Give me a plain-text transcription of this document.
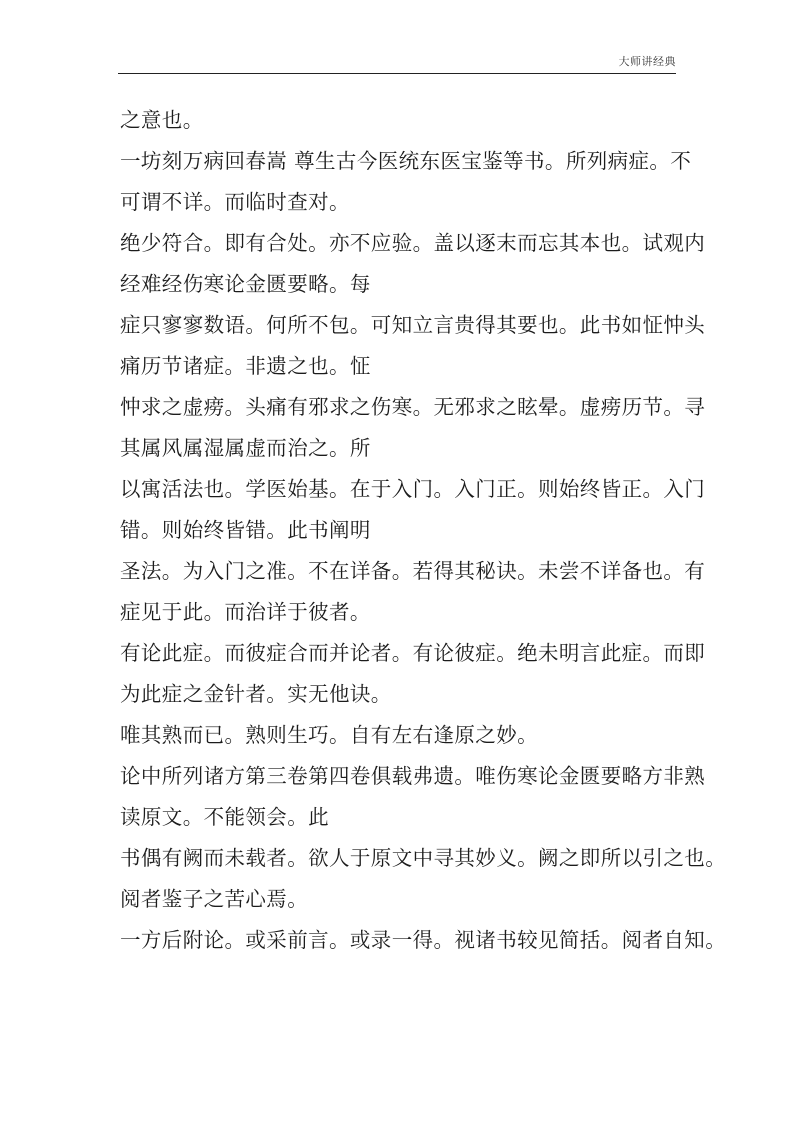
大师讲经典
之意也。
一坊刻万病回春嵩 尊生古今医统东医宝鉴等书。所列病症。不
可谓不详。而临时查对。
绝少符合。即有合处。亦不应验。盖以逐末而忘其本也。试观内
经难经伤寒论金匮要略。每
症只寥寥数语。何所不包。可知立言贵得其要也。此书如怔忡头
痛历节诸症。非遗之也。怔
忡求之虚痨。头痛有邪求之伤寒。无邪求之眩晕。虚痨历节。寻
其属风属湿属虚而治之。所
以寓活法也。学医始基。在于入门。入门正。则始终皆正。入门
错。则始终皆错。此书阐明
圣法。为入门之准。不在详备。若得其秘诀。未尝不详备也。有
症见于此。而治详于彼者。
有论此症。而彼症合而并论者。有论彼症。绝未明言此症。而即
为此症之金针者。实无他诀。
唯其熟而已。熟则生巧。自有左右逢原之妙。
论中所列诸方第三卷第四卷俱载弗遗。唯伤寒论金匮要略方非熟
读原文。不能领会。此
书偶有阙而未载者。欲人于原文中寻其妙义。阙之即所以引之也。
阅者鉴子之苦心焉。
一方后附论。或采前言。或录一得。视诸书较见简括。阅者自知。
